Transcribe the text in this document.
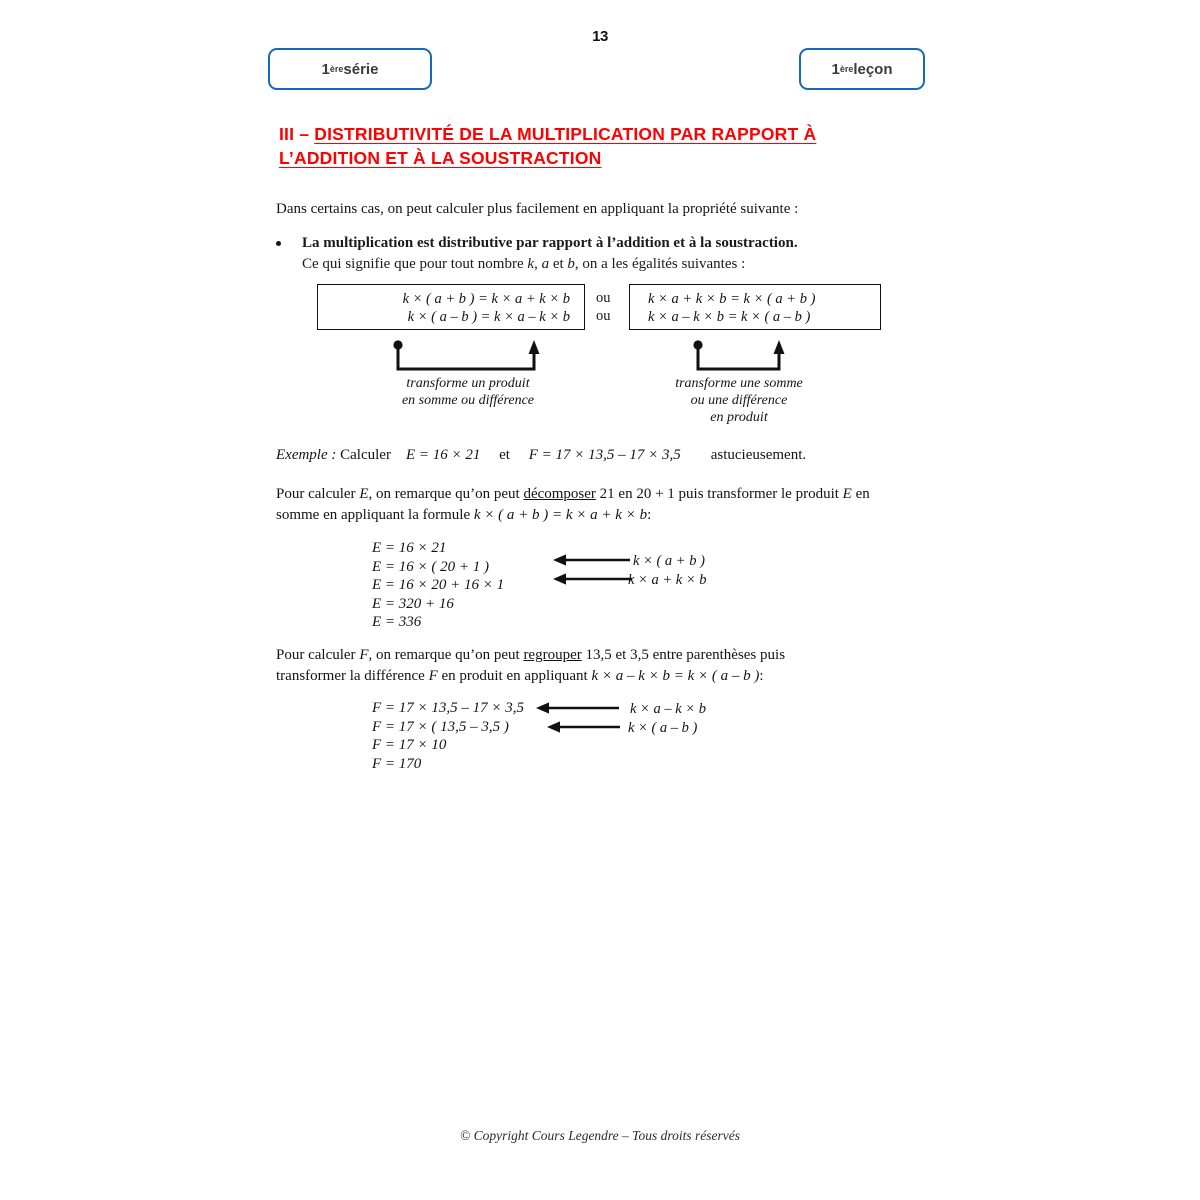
13
1 ère série	1 ère leçon
III – DISTRIBUTIVITÉ DE LA MULTIPLICATION PAR RAPPORT À
L’ADDITION ET À LA SOUSTRACTION
Dans certains cas, on peut calculer plus facilement en appliquant la propriété suivante :
La multiplication est distributive par rapport à l’addition et à la soustraction.
Ce qui signifie que pour tout nombre k, a et b, on a les égalités suivantes :
k × ( a + b ) = k × a + k × b
k × ( a – b ) = k × a – k × b
ou
ou
k × a + k × b = k × ( a + b )
k × a – k × b = k × ( a – b )
transforme un produit
en somme ou différence
transforme une somme
ou une différence
en produit
Exemple : Calculer    E = 16 × 21 et F = 17 × 13,5 – 17 × 3,5 astucieusement.
Pour calculer E, on remarque qu’on peut décomposer 21 en 20 + 1 puis transformer le produit E en
somme en appliquant la formule k × ( a + b ) = k × a + k × b:
E = 16 × 21
E = 16 × ( 20 + 1 )
E = 16 × 20 + 16 × 1
E = 320 + 16
E = 336
k × ( a + b )
k × a + k × b
Pour calculer F, on remarque qu’on peut regrouper 13,5 et 3,5 entre parenthèses puis
transformer la différence F en produit en appliquant k × a – k × b = k × ( a – b ):
F = 17 × 13,5 – 17 × 3,5
F = 17 × ( 13,5 – 3,5 )
F = 17 × 10
F = 170
k × a – k × b
k × ( a – b )
© Copyright Cours Legendre – Tous droits réservés
